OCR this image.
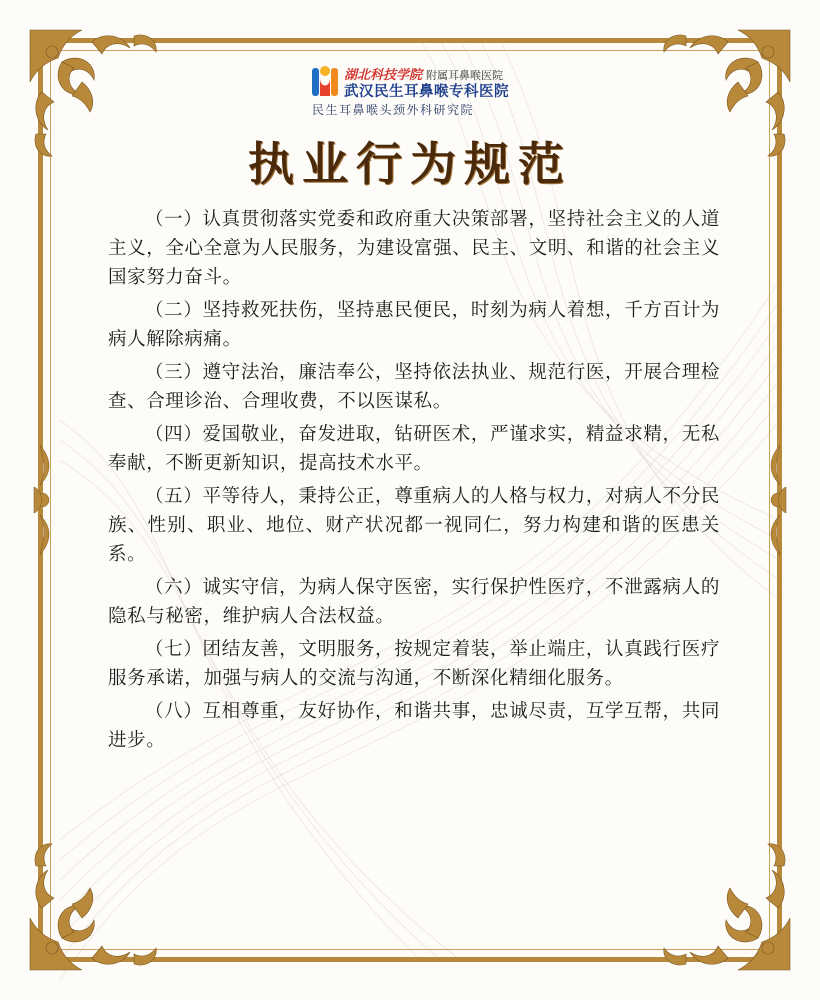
湖北科技学院 附属耳鼻喉医院
武汉民生耳鼻喉专科医院
民生耳鼻喉头颈外科研究院
执业行为规范

（一）认真贯彻落实党委和政府重大决策部署，坚持社会主义的人道主义，全心全意为人民服务，为建设富强、民主、文明、和谐的社会主义国家努力奋斗。

（二）坚持救死扶伤，坚持惠民便民，时刻为病人着想，千方百计为病人解除病痛。

（三）遵守法治，廉洁奉公，坚持依法执业、规范行医，开展合理检查、合理诊治、合理收费，不以医谋私。

（四）爱国敬业，奋发进取，钻研医术，严谨求实，精益求精，无私奉献，不断更新知识，提高技术水平。

（五）平等待人，秉持公正，尊重病人的人格与权力，对病人不分民族、性别、职业、地位、财产状况都一视同仁，努力构建和谐的医患关系。

（六）诚实守信，为病人保守医密，实行保护性医疗，不泄露病人的隐私与秘密，维护病人合法权益。

（七）团结友善，文明服务，按规定着装，举止端庄，认真践行医疗服务承诺，加强与病人的交流与沟通，不断深化精细化服务。

（八）互相尊重，友好协作，和谐共事，忠诚尽责，互学互帮，共同进步。
